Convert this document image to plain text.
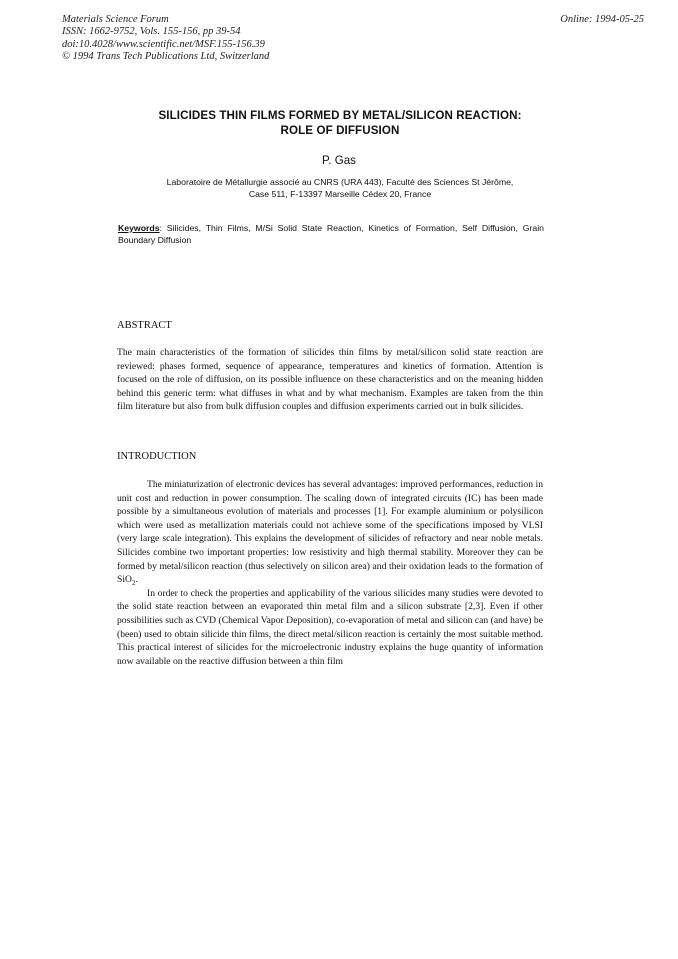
Materials Science Forum
ISSN: 1662-9752, Vols. 155-156, pp 39-54
doi:10.4028/www.scientific.net/MSF.155-156.39
© 1994 Trans Tech Publications Ltd, Switzerland
Online: 1994-05-25
SILICIDES THIN FILMS FORMED BY METAL/SILICON REACTION:
ROLE OF DIFFUSION
P. Gas
Laboratoire de Métallurgie associé au CNRS (URA 443), Faculté des Sciences St Jérôme,
Case 511, F-13397 Marseille Cédex 20, France
Keywords: Silicides, Thin Films, M/Si Solid State Reaction, Kinetics of Formation, Self Diffusion, Grain Boundary Diffusion
ABSTRACT
The main characteristics of the formation of silicides thin films by metal/silicon solid state reaction are reviewed: phases formed, sequence of appearance, temperatures and kinetics of formation. Attention is focused on the role of diffusion, on its possible influence on these characteristics and on the meaning hidden behind this generic term: what diffuses in what and by what mechanism. Examples are taken from the thin film literature but also from bulk diffusion couples and diffusion experiments carried out in bulk silicides.
INTRODUCTION

The miniaturization of electronic devices has several advantages: improved performances, reduction in unit cost and reduction in power consumption. The scaling down of integrated circuits (IC) has been made possible by a simultaneous evolution of materials and processes [1]. For example aluminium or polysilicon which were used as metallization materials could not achieve some of the specifications imposed by VLSI (very large scale integration). This explains the development of silicides of refractory and near noble metals. Silicides combine two important properties: low resistivity and high thermal stability. Moreover they can be formed by metal/silicon reaction (thus selectively on silicon area) and their oxidation leads to the formation of SiO$_2$.

In order to check the properties and applicability of the various silicides many studies were devoted to the solid state reaction between an evaporated thin metal film and a silicon substrate [2,3]. Even if other possibilities such as CVD (Chemical Vapor Deposition), co-evaporation of metal and silicon can (and have) be (been) used to obtain silicide thin films, the direct metal/silicon reaction is certainly the most suitable method. This practical interest of silicides for the microelectronic industry explains the huge quantity of information now available on the reactive diffusion between a thin film
